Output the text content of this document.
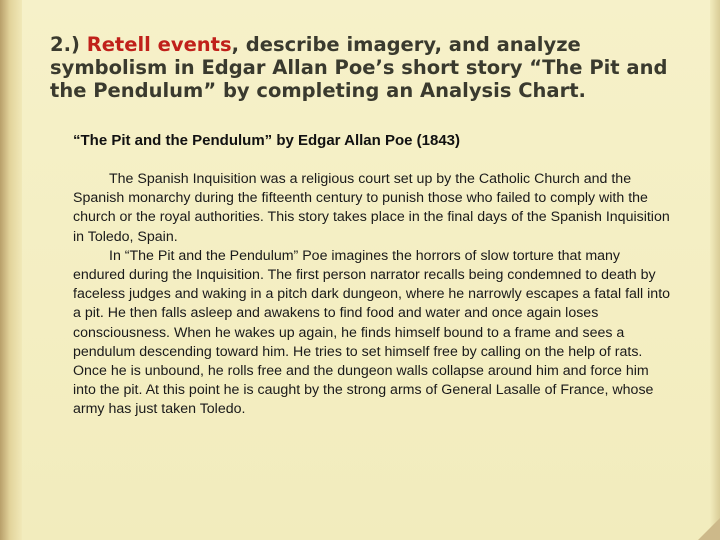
2.) Retell events, describe imagery, and analyze symbolism in Edgar Allan Poe’s short story “The Pit and the Pendulum” by completing an Analysis Chart.
“The Pit and the Pendulum” by Edgar Allan Poe (1843)

The Spanish Inquisition was a religious court set up by the Catholic Church and the Spanish monarchy during the fifteenth century to punish those who failed to comply with the church or the royal authorities. This story takes place in the final days of the Spanish Inquisition in Toledo, Spain.

In “The Pit and the Pendulum” Poe imagines the horrors of slow torture that many endured during the Inquisition. The first person narrator recalls being condemned to death by faceless judges and waking in a pitch dark dungeon, where he narrowly escapes a fatal fall into a pit. He then falls asleep and awakens to find food and water and once again loses consciousness. When he wakes up again, he finds himself bound to a frame and sees a pendulum descending toward him. He tries to set himself free by calling on the help of rats. Once he is unbound, he rolls free and the dungeon walls collapse around him and force him into the pit. At this point he is caught by the strong arms of General Lasalle of France, whose army has just taken Toledo.
